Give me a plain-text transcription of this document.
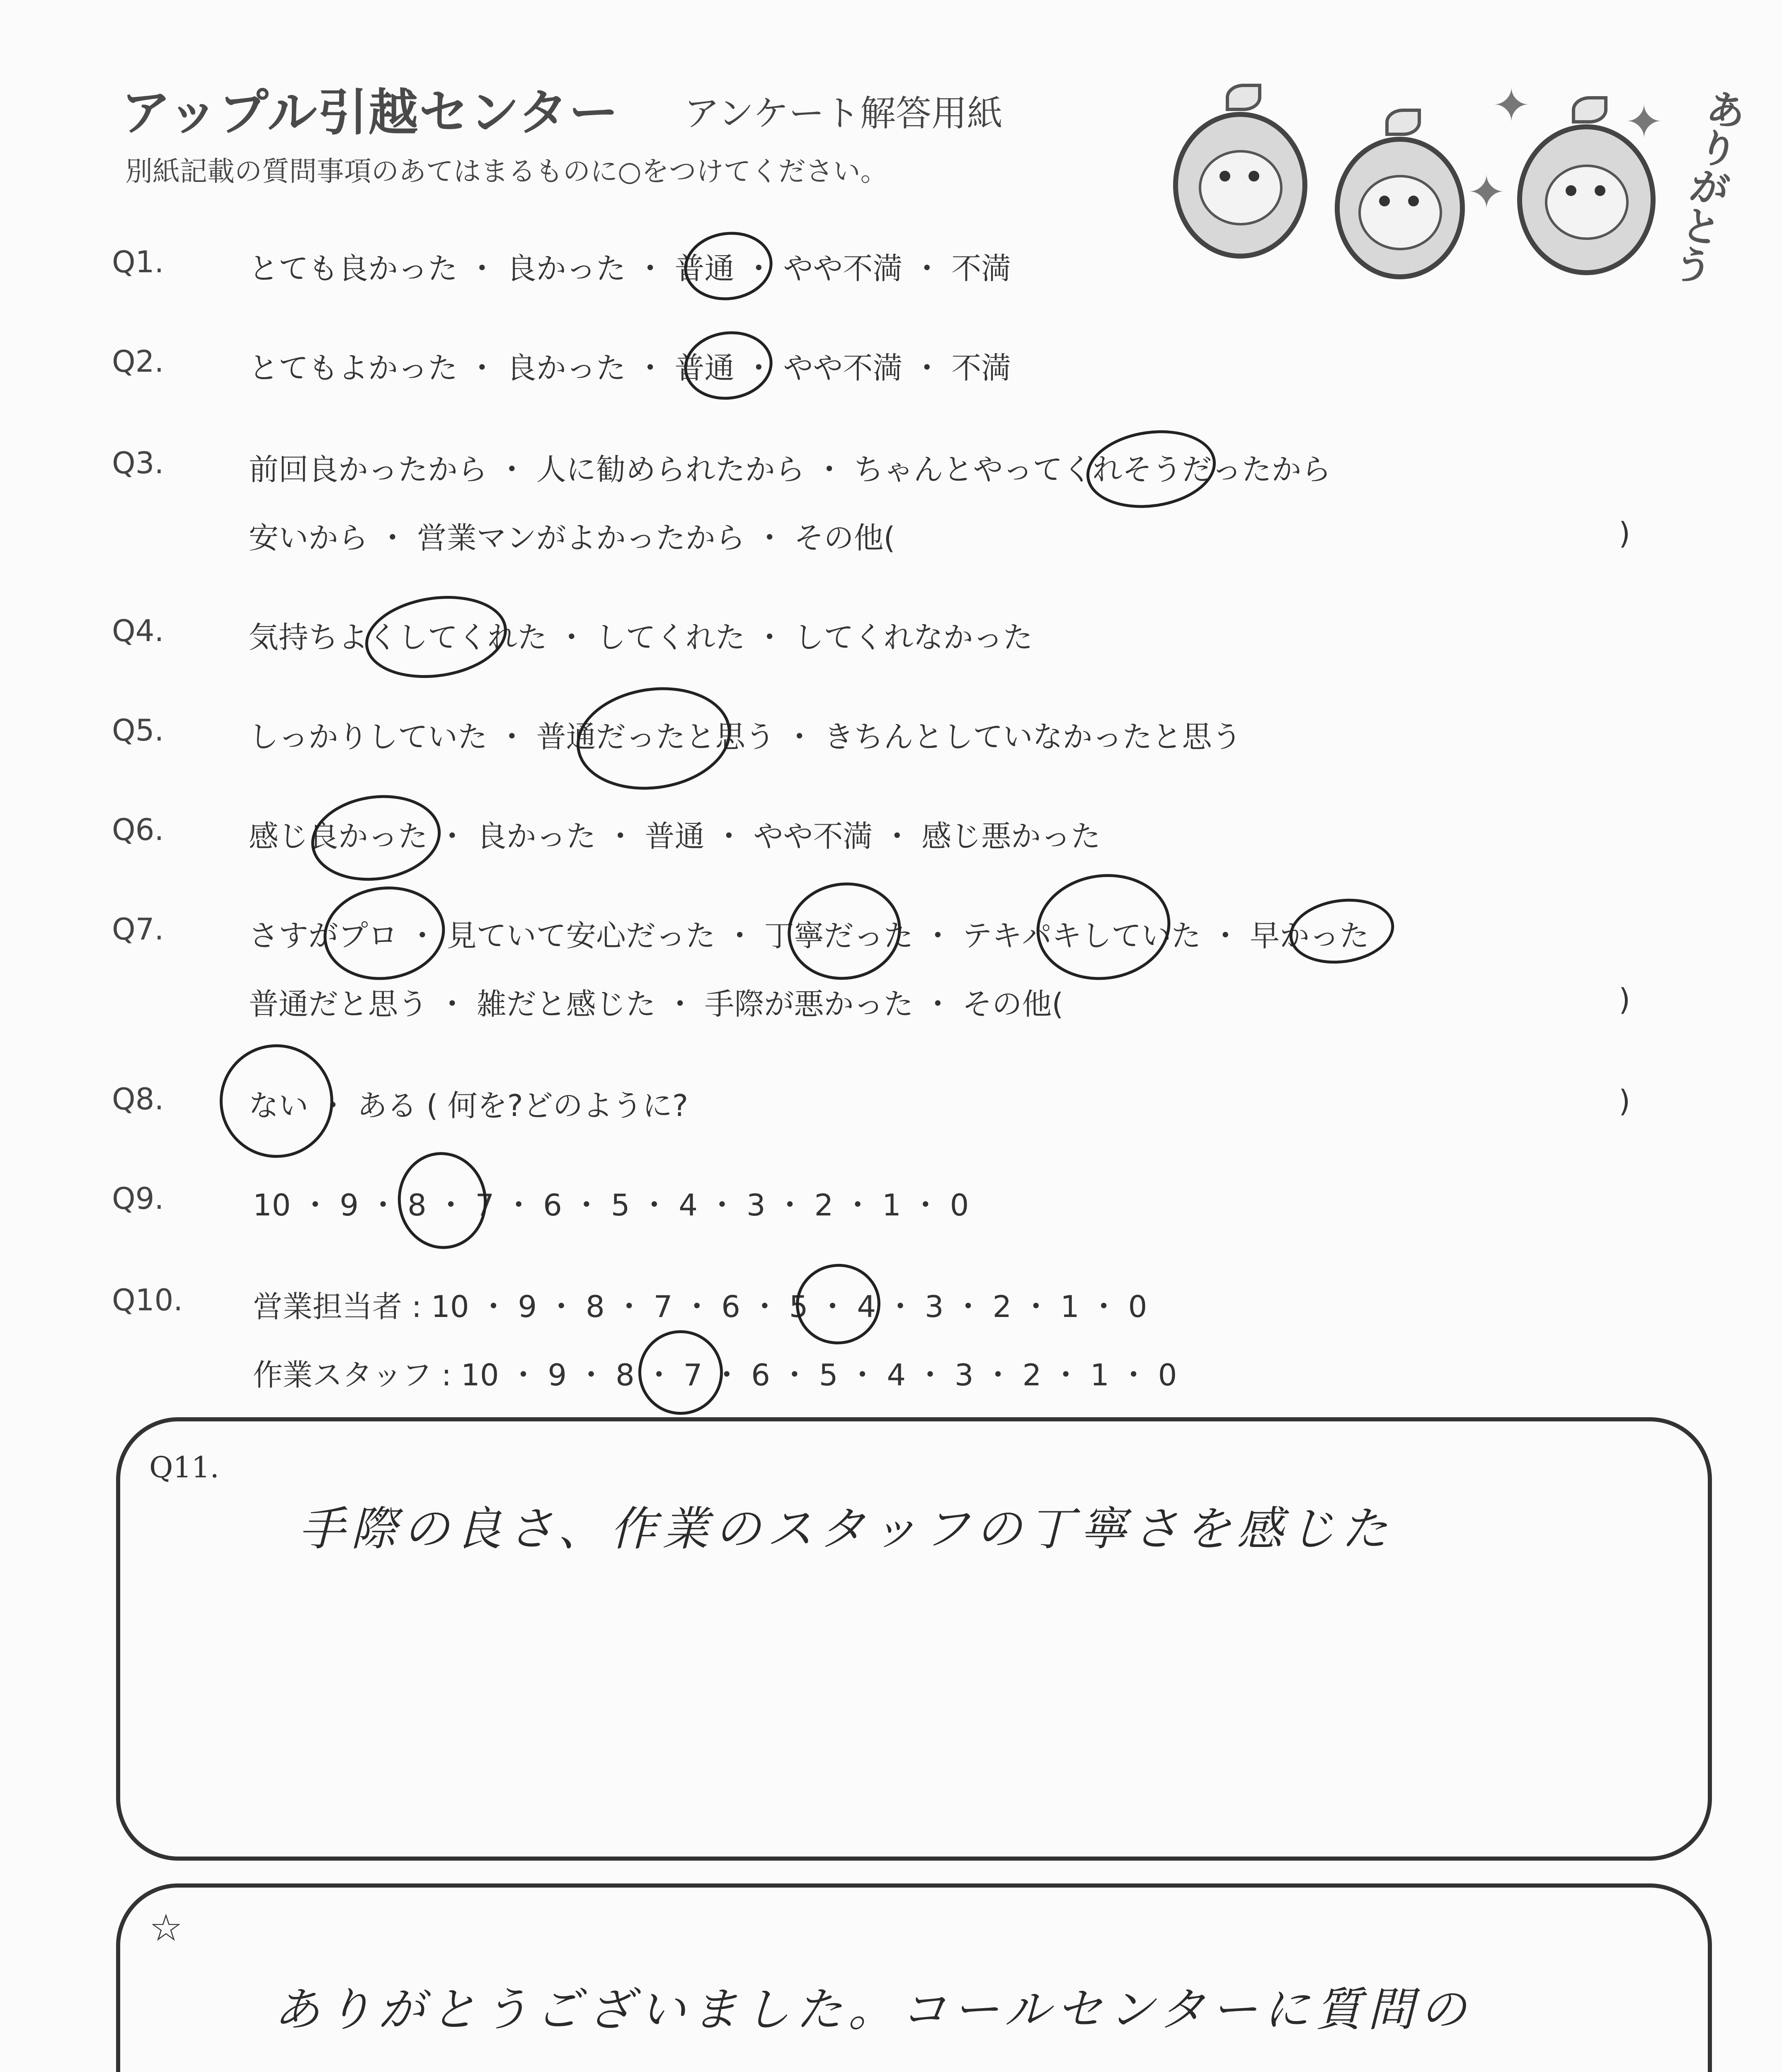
アップル引越センター アンケート解答用紙
別紙記載の質問事項のあてはまるものに○をつけてください。
✦
✦
✦ ありがとう
Q1.	とても良かった ・ 良かった ・ 普通 ・ やや不満 ・ 不満
Q2.	とてもよかった ・ 良かった ・ 普通 ・ やや不満 ・ 不満
Q3.	前回良かったから ・ 人に勧められたから ・ ちゃんとやってくれそうだったから
安いから ・ 営業マンがよかったから ・ その他(	)
Q4.	気持ちよくしてくれた ・ してくれた ・ してくれなかった
Q5.	しっかりしていた ・ 普通だったと思う ・ きちんとしていなかったと思う
Q6.	感じ良かった ・ 良かった ・ 普通 ・ やや不満 ・ 感じ悪かった
Q7.	さすがプロ ・ 見ていて安心だった ・ 丁寧だった ・ テキパキしていた ・ 早かった
普通だと思う ・ 雑だと感じた ・ 手際が悪かった ・ その他(	)
Q8.	ない ・ ある ( 何を?どのように?	)
Q9.	10 ・ 9 ・ 8 ・ 7 ・ 6 ・ 5 ・ 4 ・ 3 ・ 2 ・ 1 ・ 0
Q10. 営業担当者 : 10 ・ 9 ・ 8 ・ 7 ・ 6 ・ 5 ・ 4 ・ 3 ・ 2 ・ 1 ・ 0
作業スタッフ : 10 ・ 9 ・ 8 ・ 7 ・ 6 ・ 5 ・ 4 ・ 3 ・ 2 ・ 1 ・ 0
Q11.
手際の良さ、作業のスタッフの丁寧さを感じた
☆
ありがとうございました。コールセンターに質問の
